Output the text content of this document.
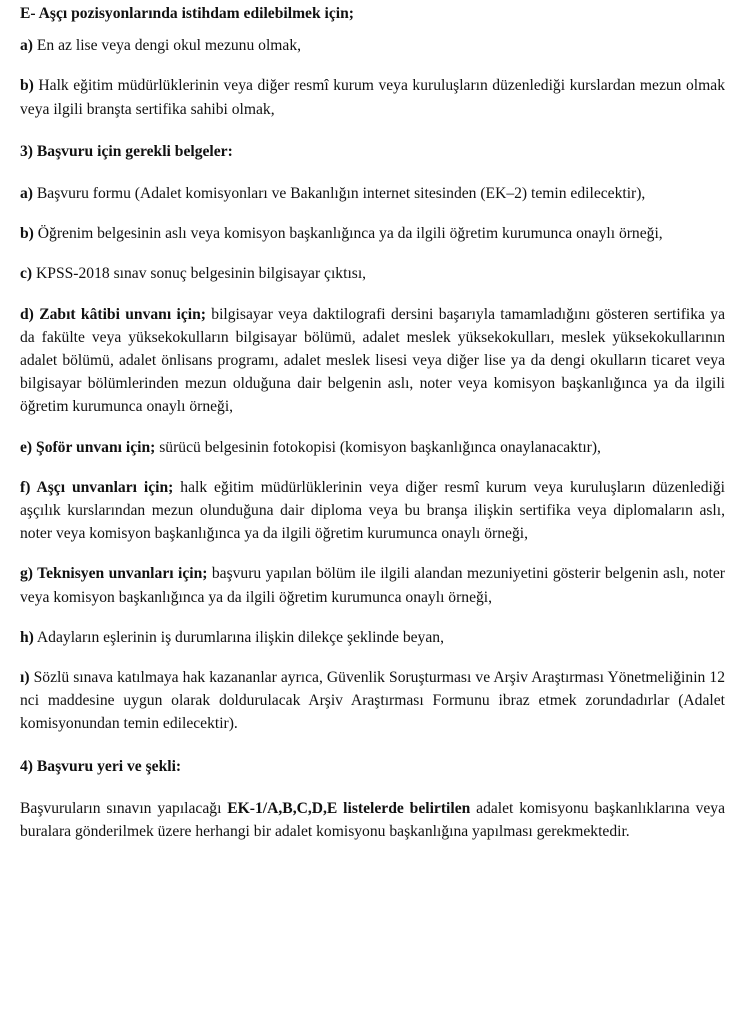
E- Aşçı pozisyonlarında istihdam edilebilmek için;

a) En az lise veya dengi okul mezunu olmak,

b) Halk eğitim müdürlüklerinin veya diğer resmî kurum veya kuruluşların düzenlediği kurslardan mezun olmak veya ilgili branşta sertifika sahibi olmak,

3) Başvuru için gerekli belgeler:

a) Başvuru formu (Adalet komisyonları ve Bakanlığın internet sitesinden (EK–2) temin edilecektir),

b) Öğrenim belgesinin aslı veya komisyon başkanlığınca ya da ilgili öğretim kurumunca onaylı örneği,

c) KPSS-2018 sınav sonuç belgesinin bilgisayar çıktısı,

d) Zabıt kâtibi unvanı için; bilgisayar veya daktilografi dersini başarıyla tamamladığını gösteren sertifika ya da fakülte veya yüksekokulların bilgisayar bölümü, adalet meslek yüksekokulları, meslek yüksekokullarının adalet bölümü, adalet önlisans programı, adalet meslek lisesi veya diğer lise ya da dengi okulların ticaret veya bilgisayar bölümlerinden mezun olduğuna dair belgenin aslı, noter veya komisyon başkanlığınca ya da ilgili öğretim kurumunca onaylı örneği,

e) Şoför unvanı için; sürücü belgesinin fotokopisi (komisyon başkanlığınca onaylanacaktır),

f) Aşçı unvanları için; halk eğitim müdürlüklerinin veya diğer resmî kurum veya kuruluşların düzenlediği aşçılık kurslarından mezun olunduğuna dair diploma veya bu branşa ilişkin sertifika veya diplomaların aslı, noter veya komisyon başkanlığınca ya da ilgili öğretim kurumunca onaylı örneği,

g) Teknisyen unvanları için; başvuru yapılan bölüm ile ilgili alandan mezuniyetini gösterir belgenin aslı, noter veya komisyon başkanlığınca ya da ilgili öğretim kurumunca onaylı örneği,

h) Adayların eşlerinin iş durumlarına ilişkin dilekçe şeklinde beyan,

ı) Sözlü sınava katılmaya hak kazananlar ayrıca, Güvenlik Soruşturması ve Arşiv Araştırması Yönetmeliğinin 12 nci maddesine uygun olarak doldurulacak Arşiv Araştırması Formunu ibraz etmek zorundadırlar (Adalet komisyonundan temin edilecektir).

4) Başvuru yeri ve şekli:

Başvuruların sınavın yapılacağı EK-1/A,B,C,D,E listelerde belirtilen adalet komisyonu başkanlıklarına veya buralara gönderilmek üzere herhangi bir adalet komisyonu başkanlığına yapılması gerekmektedir.
